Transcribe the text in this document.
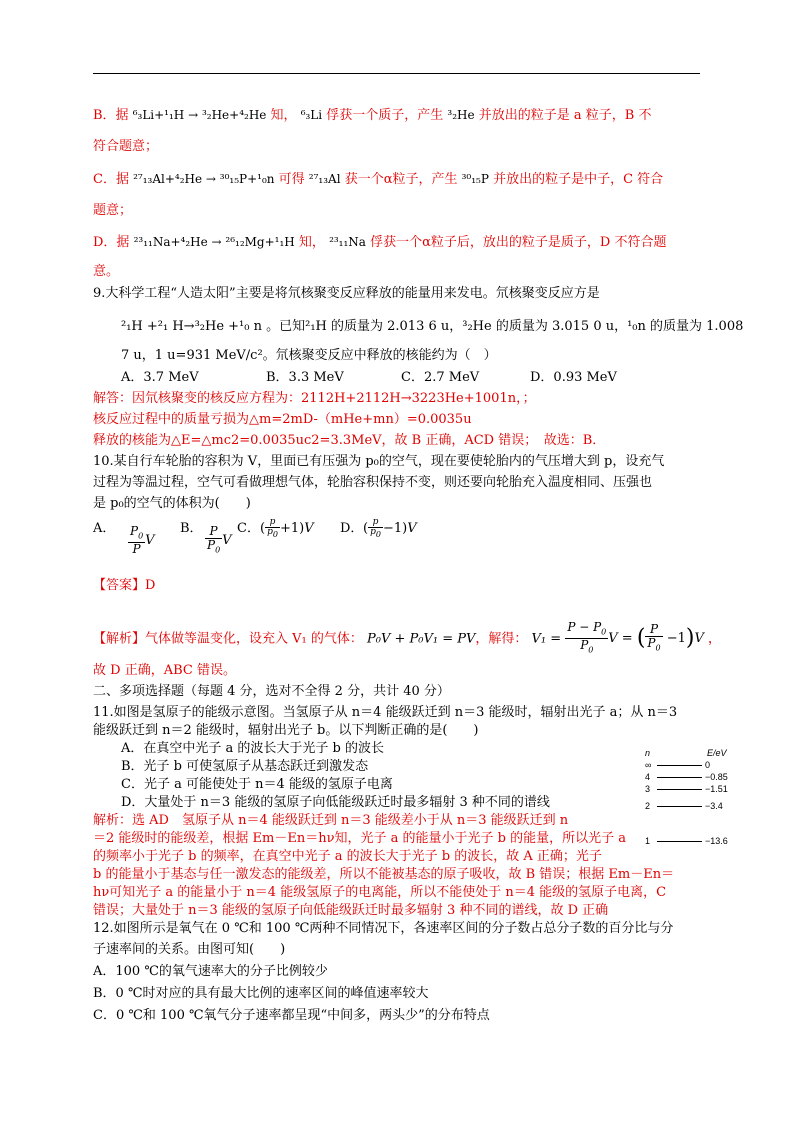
B．据 ⁶₃Li+¹₁H → ³₂He+⁴₂He 知， ⁶₃Li 俘获一个质子，产生 ³₂He 并放出的粒子是 a 粒子，B 不
符合题意；
C．据 ²⁷₁₃Al+⁴₂He → ³⁰₁₅P+¹₀n 可得 ²⁷₁₃Al 获一个α粒子，产生 ³⁰₁₅P 并放出的粒子是中子，C 符合
题意；
D．据 ²³₁₁Na+⁴₂He → ²⁶₁₂Mg+¹₁H 知， ²³₁₁Na 俘获一个α粒子后，放出的粒子是质子，D 不符合题
意。
9.大科学工程“人造太阳”主要是将氘核聚变反应释放的能量用来发电。氘核聚变反应方是
²₁H +²₁ H→³₂He +¹₀ n 。已知²₁H 的质量为 2.013 6 u，³₂He 的质量为 3.015 0 u，¹₀n 的质量为 1.008
7 u，1 u=931 MeV/c²。氘核聚变反应中释放的核能约为（　）
A．3.7 MeV	B．3.3 MeV	C．2.7 MeV	D．0.93 MeV
解答：因氘核聚变的核反应方程为：2112H+2112H→3223He+1001n，；
核反应过程中的质量亏损为△m=2mD-（mHe+mn）=0.0035u
释放的核能为△E=△mc2=0.0035uc2=3.3MeV，故 B 正确，ACD 错误；　故选：B．
10.某自行车轮胎的容积为 V，里面已有压强为 p₀的空气，现在要使轮胎内的气压增大到 p，设充气
过程为等温过程，空气可看做理想气体，轮胎容积保持不变，则还要向轮胎充入温度相同、压强也
是 p₀的空气的体积为(　　)
A． $\frac{P_0}{P}$ V
B． $\frac{P}{P_0}$ V
C． ( $\frac{p}{p_0} +1)V$ D． ( $\frac{p}{p_0} -1)V$
【答案】D
【解析】气体做等温变化，设充入 V₁ 的气体： P₀V + P₀V₁ = PV，解得： $V_1 = \frac{P - P_0}{P_0}$ V = ( $\frac{P}{P_0} -1)V$ ，
故 D 正确，ABC 错误。
二、多项选择题（每题 4 分，选对不全得 2 分，共计 40 分）
11.如图是氢原子的能级示意图。当氢原子从 n＝4 能级跃迁到 n＝3 能级时，辐射出光子 a；从 n＝3
能级跃迁到 n＝2 能级时，辐射出光子 b。以下判断正确的是(　　)
A．在真空中光子 a 的波长大于光子 b 的波长
B．光子 b 可使氢原子从基态跃迁到激发态
C．光子 a 可能使处于 n＝4 能级的氢原子电离
D．大量处于 n＝3 能级的氢原子向低能级跃迁时最多辐射 3 种不同的谱线
解析：选 AD　氢原子从 n＝4 能级跃迁到 n＝3 能级差小于从 n＝3 能级跃迁到 n
＝2 能级时的能级差，根据 Em－En＝hν知，光子 a 的能量小于光子 b 的能量，所以光子 a
的频率小于光子 b 的频率，在真空中光子 a 的波长大于光子 b 的波长，故 A 正确；光子
b 的能量小于基态与任一激发态的能级差，所以不能被基态的原子吸收，故 B 错误；根据 Em－En＝
hν可知光子 a 的能量小于 n＝4 能级氢原子的电离能，所以不能使处于 n＝4 能级的氢原子电离，C
错误；大量处于 n＝3 能级的氢原子向低能级跃迁时最多辐射 3 种不同的谱线，故 D 正确
n	E/eV
∞	0
4	−0.85
3	−1.51
2	−3.4
1	−13.6
12.如图所示是氧气在 0 ℃和 100 ℃两种不同情况下，各速率区间的分子数占总分子数的百分比与分
子速率间的关系。由图可知(　　)
A．100 ℃的氧气速率大的分子比例较少
B．0 ℃时对应的具有最大比例的速率区间的峰值速率较大
C．0 ℃和 100 ℃氧气分子速率都呈现“中间多，两头少”的分布特点
